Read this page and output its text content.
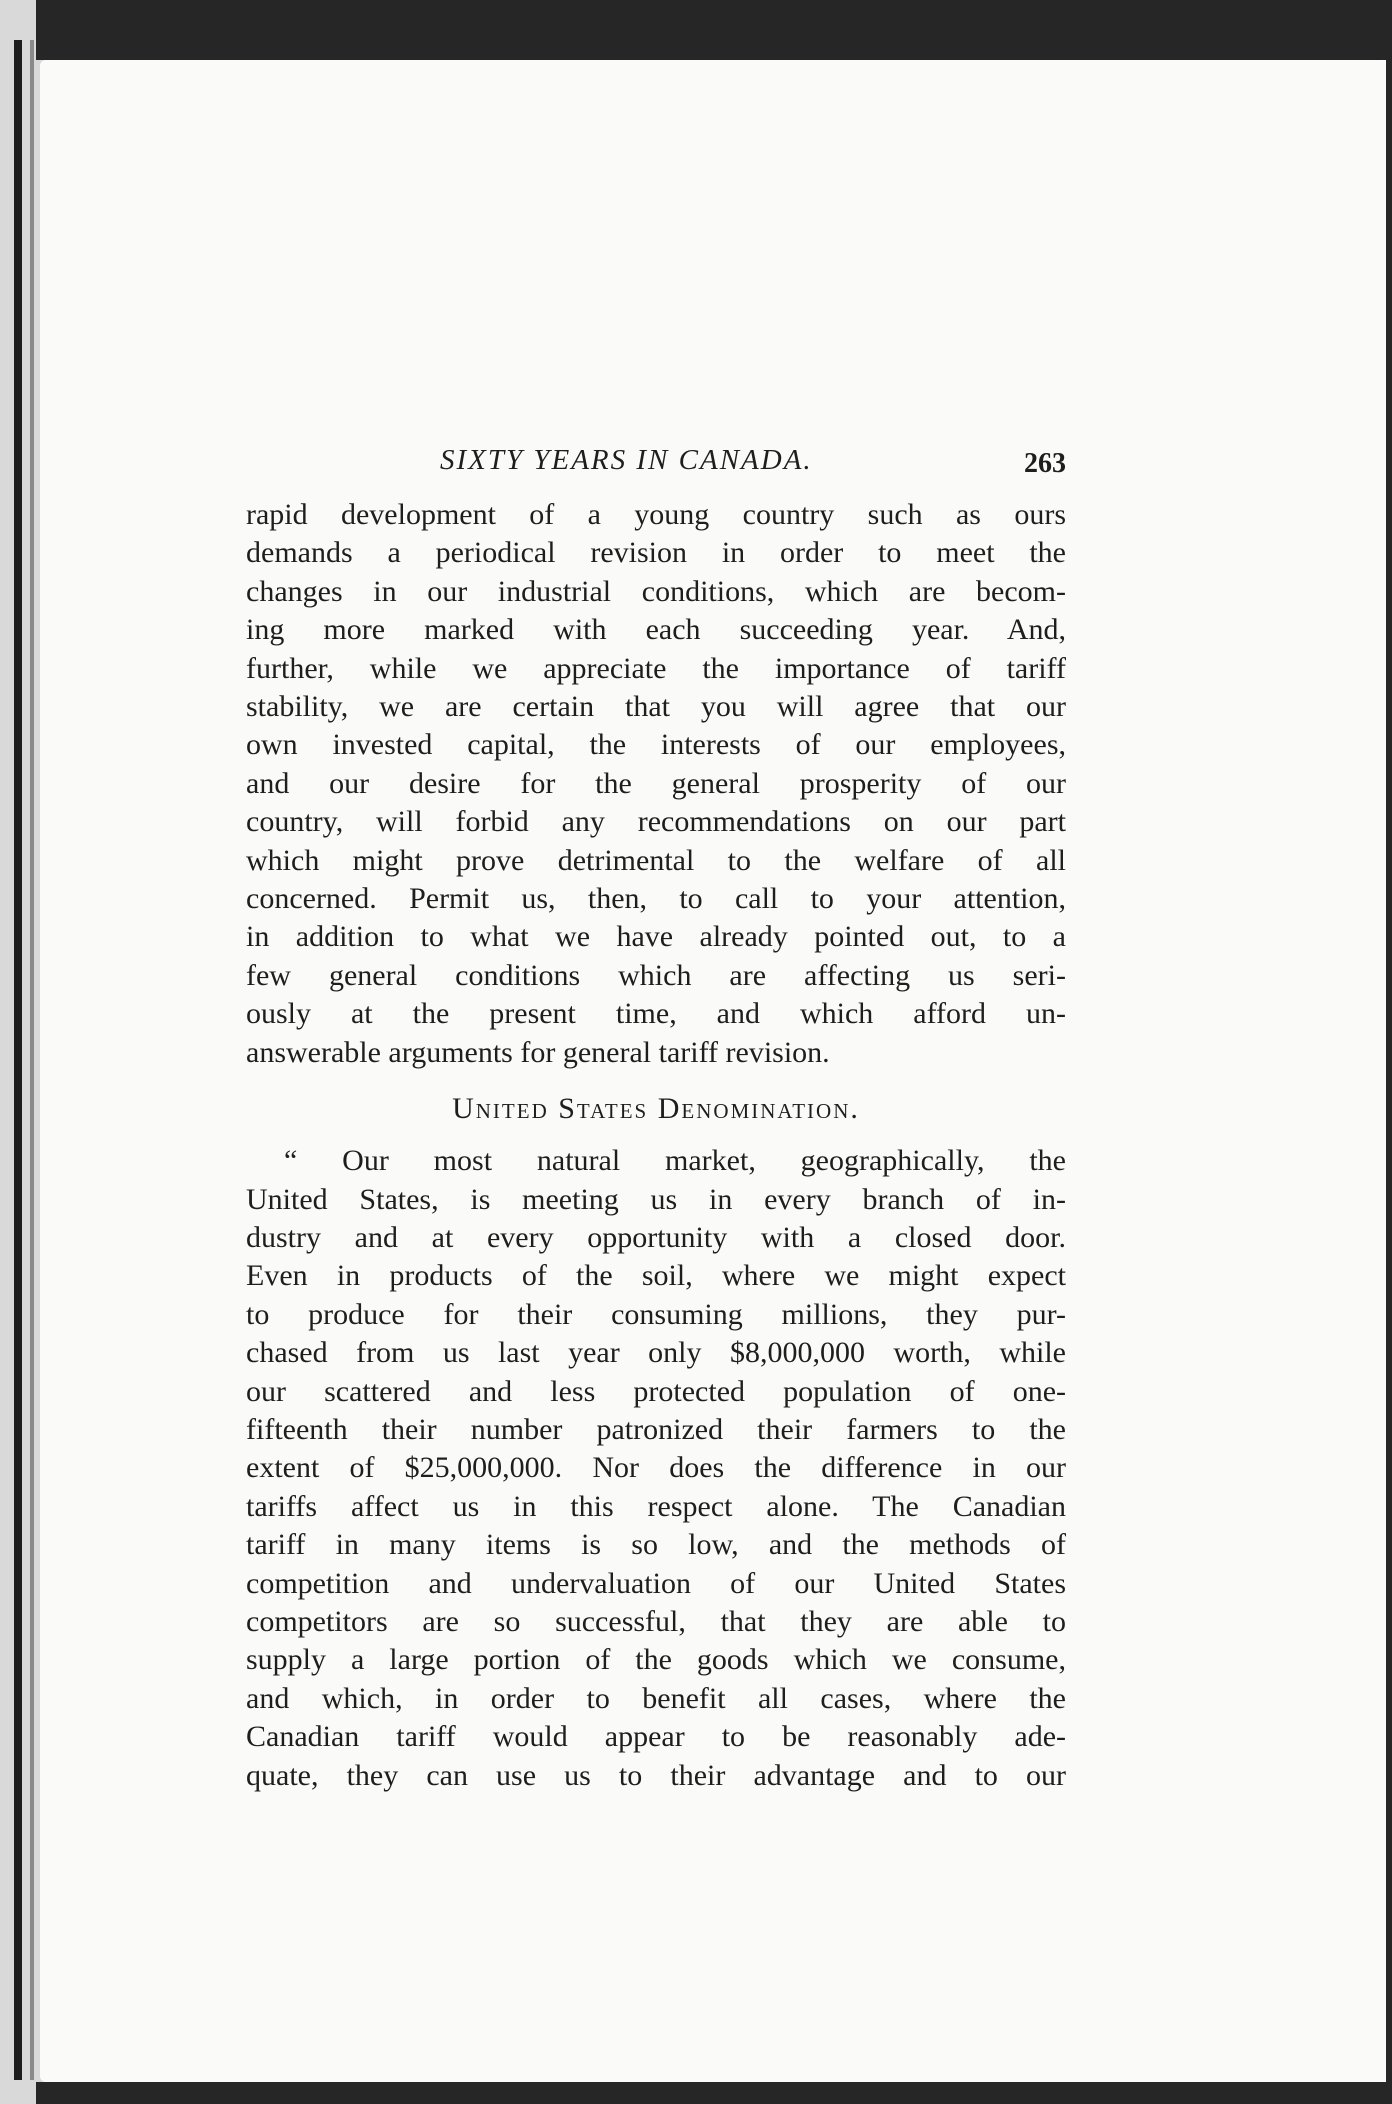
SIXTY YEARS IN CANADA.	263
rapid development of a young country such as ours
demands a periodical revision in order to meet the
changes in our industrial conditions, which are becom-
ing more marked with each succeeding year. And,
further, while we appreciate the importance of tariff
stability, we are certain that you will agree that our
own invested capital, the interests of our employees,
and our desire for the general prosperity of our
country, will forbid any recommendations on our part
which might prove detrimental to the welfare of all
concerned. Permit us, then, to call to your attention,
in addition to what we have already pointed out, to a
few general conditions which are affecting us seri-
ously at the present time, and which afford un-
answerable arguments for general tariff revision.
United States Denomination.
“ Our most natural market, geographically, the
United States, is meeting us in every branch of in-
dustry and at every opportunity with a closed door.
Even in products of the soil, where we might expect
to produce for their consuming millions, they pur-
chased from us last year only $8,000,000 worth, while
our scattered and less protected population of one-
fifteenth their number patronized their farmers to the
extent of $25,000,000. Nor does the difference in our
tariffs affect us in this respect alone. The Canadian
tariff in many items is so low, and the methods of
competition and undervaluation of our United States
competitors are so successful, that they are able to
supply a large portion of the goods which we consume,
and which, in order to benefit all cases, where the
Canadian tariff would appear to be reasonably ade-
quate, they can use us to their advantage and to our
